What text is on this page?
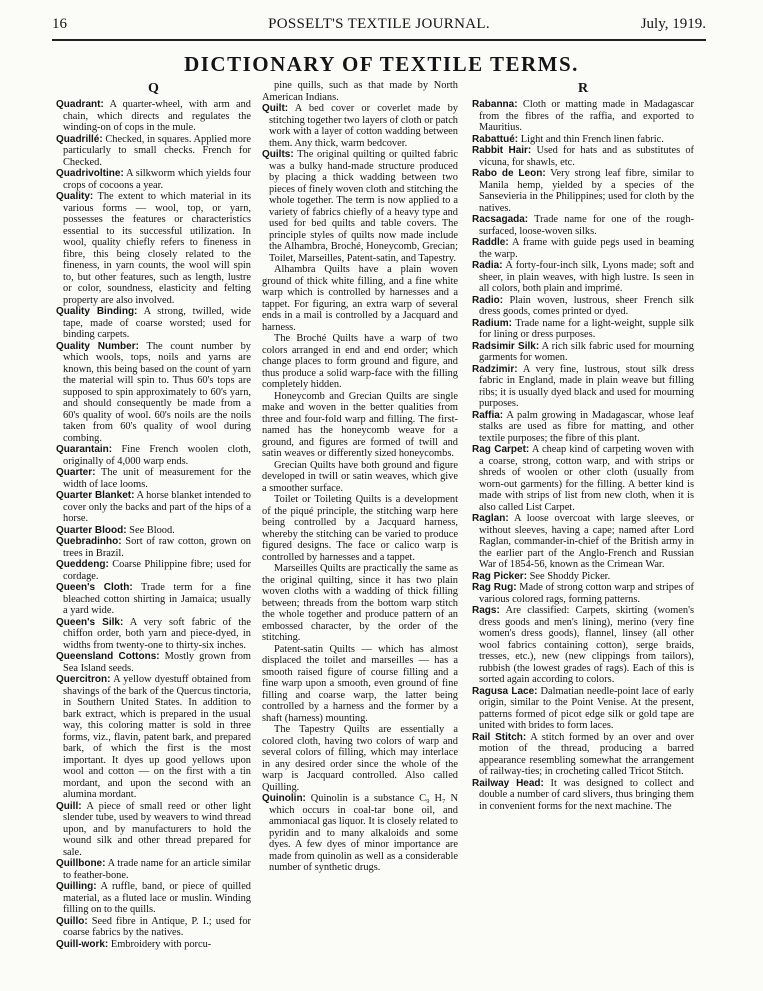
16	POSSELT'S TEXTILE JOURNAL.	July, 1919.
DICTIONARY OF TEXTILE TERMS.
Q

Quadrant: A quarter-wheel, with arm and chain, which directs and regulates the winding-on of cops in the mule.

Quadrillé: Checked, in squares. Applied more particularly to small checks. French for Checked.

Quadrivoltine: A silkworm which yields four crops of cocoons a year.

Quality: The extent to which material in its various forms — wool, top, or yarn, possesses the features or characteristics essential to its successful utilization. In wool, quality chiefly refers to fineness in fibre, this being closely related to the fineness, in yarn counts, the wool will spin to, but other features, such as length, lustre or color, soundness, elasticity and felting property are also involved.

Quality Binding: A strong, twilled, wide tape, made of coarse worsted; used for binding carpets.

Quality Number: The count number by which wools, tops, noils and yarns are known, this being based on the count of yarn the material will spin to. Thus 60's tops are supposed to spin approximately to 60's yarn, and should consequently be made from a 60's quality of wool. 60's noils are the noils taken from 60's quality of wool during combing.

Quarantain: Fine French woolen cloth, originally of 4,000 warp ends.

Quarter: The unit of measurement for the width of lace looms.

Quarter Blanket: A horse blanket intended to cover only the backs and part of the hips of a horse.

Quarter Blood: See Blood.

Quebradinho: Sort of raw cotton, grown on trees in Brazil.

Queddeng: Coarse Philippine fibre; used for cordage.

Queen's Cloth: Trade term for a fine bleached cotton shirting in Jamaica; usually a yard wide.

Queen's Silk: A very soft fabric of the chiffon order, both yarn and piece-dyed, in widths from twenty-one to thirty-six inches.

Queensland Cottons: Mostly grown from Sea Island seeds.

Quercitron: A yellow dyestuff obtained from shavings of the bark of the Quercus tinctoria, in Southern United States. In addition to bark extract, which is prepared in the usual way, this coloring matter is sold in three forms, viz., flavin, patent bark, and prepared bark, of which the first is the most important. It dyes up good yellows upon wool and cotton — on the first with a tin mordant, and upon the second with an alumina mordant.

Quill: A piece of small reed or other light slender tube, used by weavers to wind thread upon, and by manufacturers to hold the wound silk and other thread prepared for sale.

Quillbone: A trade name for an article similar to feather-bone.

Quilling: A ruffle, band, or piece of quilled material, as a fluted lace or muslin. Winding filling on to the quills.

Quillo: Seed fibre in Antique, P. I.; used for coarse fabrics by the natives.

Quill-work: Embroidery with porcu-

pine quills, such as that made by North American Indians.

Quilt: A bed cover or coverlet made by stitching together two layers of cloth or patch work with a layer of cotton wadding between them. Any thick, warm bedcover.

Quilts: The original quilting or quilted fabric was a bulky hand-made structure produced by placing a thick wadding between two pieces of finely woven cloth and stitching the whole together. The term is now applied to a variety of fabrics chiefly of a heavy type and used for bed quilts and table covers. The principle styles of quilts now made include the Alhambra, Broché, Honeycomb, Grecian; Toilet, Marseilles, Patent-satin, and Tapestry.

Alhambra Quilts have a plain woven ground of thick white filling, and a fine white warp which is controlled by harnesses and a tappet. For figuring, an extra warp of several ends in a mail is controlled by a Jacquard and harness.

The Broché Quilts have a warp of two colors arranged in end and end order; which change places to form ground and figure, and thus produce a solid warp-face with the filling completely hidden.

Honeycomb and Grecian Quilts are single make and woven in the better qualities from three and four-fold warp and filling. The first-named has the honeycomb weave for a ground, and figures are formed of twill and satin weaves or differently sized honeycombs.

Grecian Quilts have both ground and figure developed in twill or satin weaves, which give a smoother surface.

Toilet or Toileting Quilts is a development of the piqué principle, the stitching warp here being controlled by a Jacquard harness, whereby the stitching can be varied to produce figured designs. The face or calico warp is controlled by harnesses and a tappet.

Marseilles Quilts are practically the same as the original quilting, since it has two plain woven cloths with a wadding of thick filling between; threads from the bottom warp stitch the whole together and produce pattern of an embossed character, by the order of the stitching.

Patent-satin Quilts — which has almost displaced the toilet and marseilles — has a smooth raised figure of course filling and a fine warp upon a smooth, even ground of fine filling and coarse warp, the latter being controlled by a harness and the former by a shaft (harness) mounting.

The Tapestry Quilts are essentially a colored cloth, having two colors of warp and several colors of filling, which may interlace in any desired order since the whole of the warp is Jacquard controlled. Also called Quilling.

Quinolin: Quinolin is a substance C₉ H₇ N which occurs in coal-tar bone oil, and ammoniacal gas liquor. It is closely related to pyridin and to many alkaloids and some dyes. A few dyes of minor importance are made from quinolin as well as a considerable number of synthetic drugs.

R

Rabanna: Cloth or matting made in Madagascar from the fibres of the raffia, and exported to Mauritius.

Rabattué: Light and thin French linen fabric.

Rabbit Hair: Used for hats and as substitutes of vicuna, for shawls, etc.

Rabo de Leon: Very strong leaf fibre, similar to Manila hemp, yielded by a species of the Sansevieria in the Philippines; used for cloth by the natives.

Racsagada: Trade name for one of the rough-surfaced, loose-woven silks.

Raddle: A frame with guide pegs used in beaming the warp.

Radia: A forty-four-inch silk, Lyons made; soft and sheer, in plain weaves, with high lustre. Is seen in all colors, both plain and imprimé.

Radio: Plain woven, lustrous, sheer French silk dress goods, comes printed or dyed.

Radium: Trade name for a light-weight, supple silk for lining or dress purposes.

Radsimir Silk: A rich silk fabric used for mourning garments for women.

Radzimir: A very fine, lustrous, stout silk dress fabric in England, made in plain weave but filling ribs; it is usually dyed black and used for mourning purposes.

Raffia: A palm growing in Madagascar, whose leaf stalks are used as fibre for matting, and other textile purposes; the fibre of this plant.

Rag Carpet: A cheap kind of carpeting woven with a coarse, strong, cotton warp, and with strips or shreds of woolen or other cloth (usually from worn-out garments) for the filling. A better kind is made with strips of list from new cloth, when it is also called List Carpet.

Raglan: A loose overcoat with large sleeves, or without sleeves, having a cape; named after Lord Raglan, commander-in-chief of the British army in the earlier part of the Anglo-French and Russian War of 1854-56, known as the Crimean War.

Rag Picker: See Shoddy Picker.

Rag Rug: Made of strong cotton warp and stripes of various colored rags, forming patterns.

Rags: Are classified: Carpets, skirting (women's dress goods and men's lining), merino (very fine women's dress goods), flannel, linsey (all other wool fabrics containing cotton), serge braids, tresses, etc.), new (new clippings from tailors), rubbish (the lowest grades of rags). Each of this is sorted again according to colors.

Ragusa Lace: Dalmatian needle-point lace of early origin, similar to the Point Venise. At the present, patterns formed of picot edge silk or gold tape are united with brides to form laces.

Rail Stitch: A stitch formed by an over and over motion of the thread, producing a barred appearance resembling somewhat the arrangement of railway-ties; in crocheting called Tricot Stitch.

Railway Head: It was designed to collect and double a number of card slivers, thus bringing them in convenient forms for the next machine. The
